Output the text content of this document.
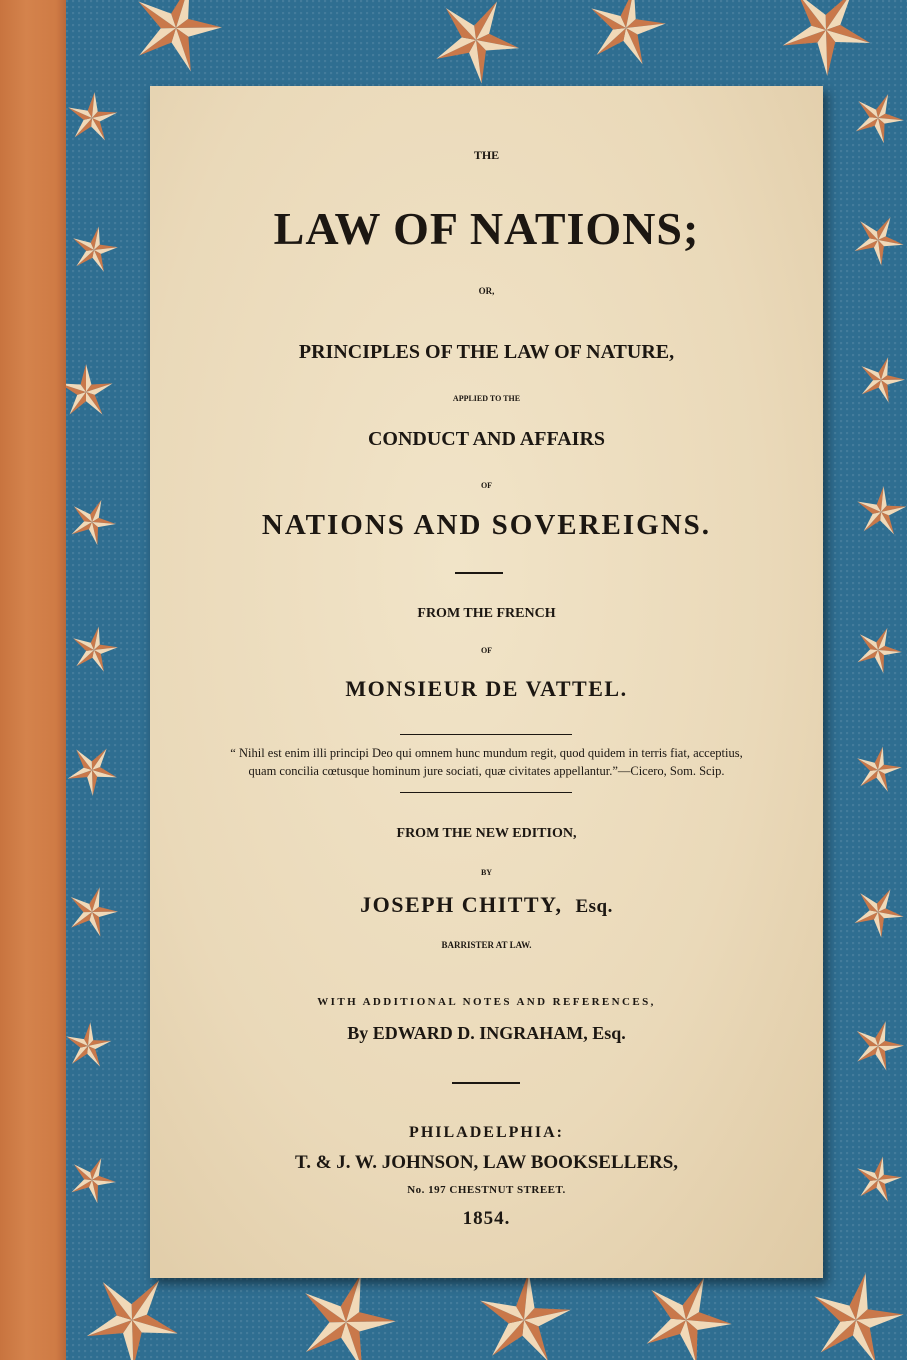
THE
LAW OF NATIONS;
OR,
PRINCIPLES OF THE LAW OF NATURE,
APPLIED TO THE
CONDUCT AND AFFAIRS
OF
NATIONS AND SOVEREIGNS.
FROM THE FRENCH
OF
MONSIEUR DE VATTEL.
“ Nihil est enim illi principi Deo qui omnem hunc mundum regit, quod quidem in terris fiat, acceptius,
quam concilia cœtusque hominum jure sociati, quæ civitates appellantur.”—Cicero, Som. Scip.
FROM THE NEW EDITION,
BY
JOSEPH CHITTY, Esq.
BARRISTER AT LAW.
WITH ADDITIONAL NOTES AND REFERENCES,
By EDWARD D. INGRAHAM, Esq.
PHILADELPHIA:
T. & J. W. JOHNSON, LAW BOOKSELLERS,
No. 197 CHESTNUT STREET.
1854.
